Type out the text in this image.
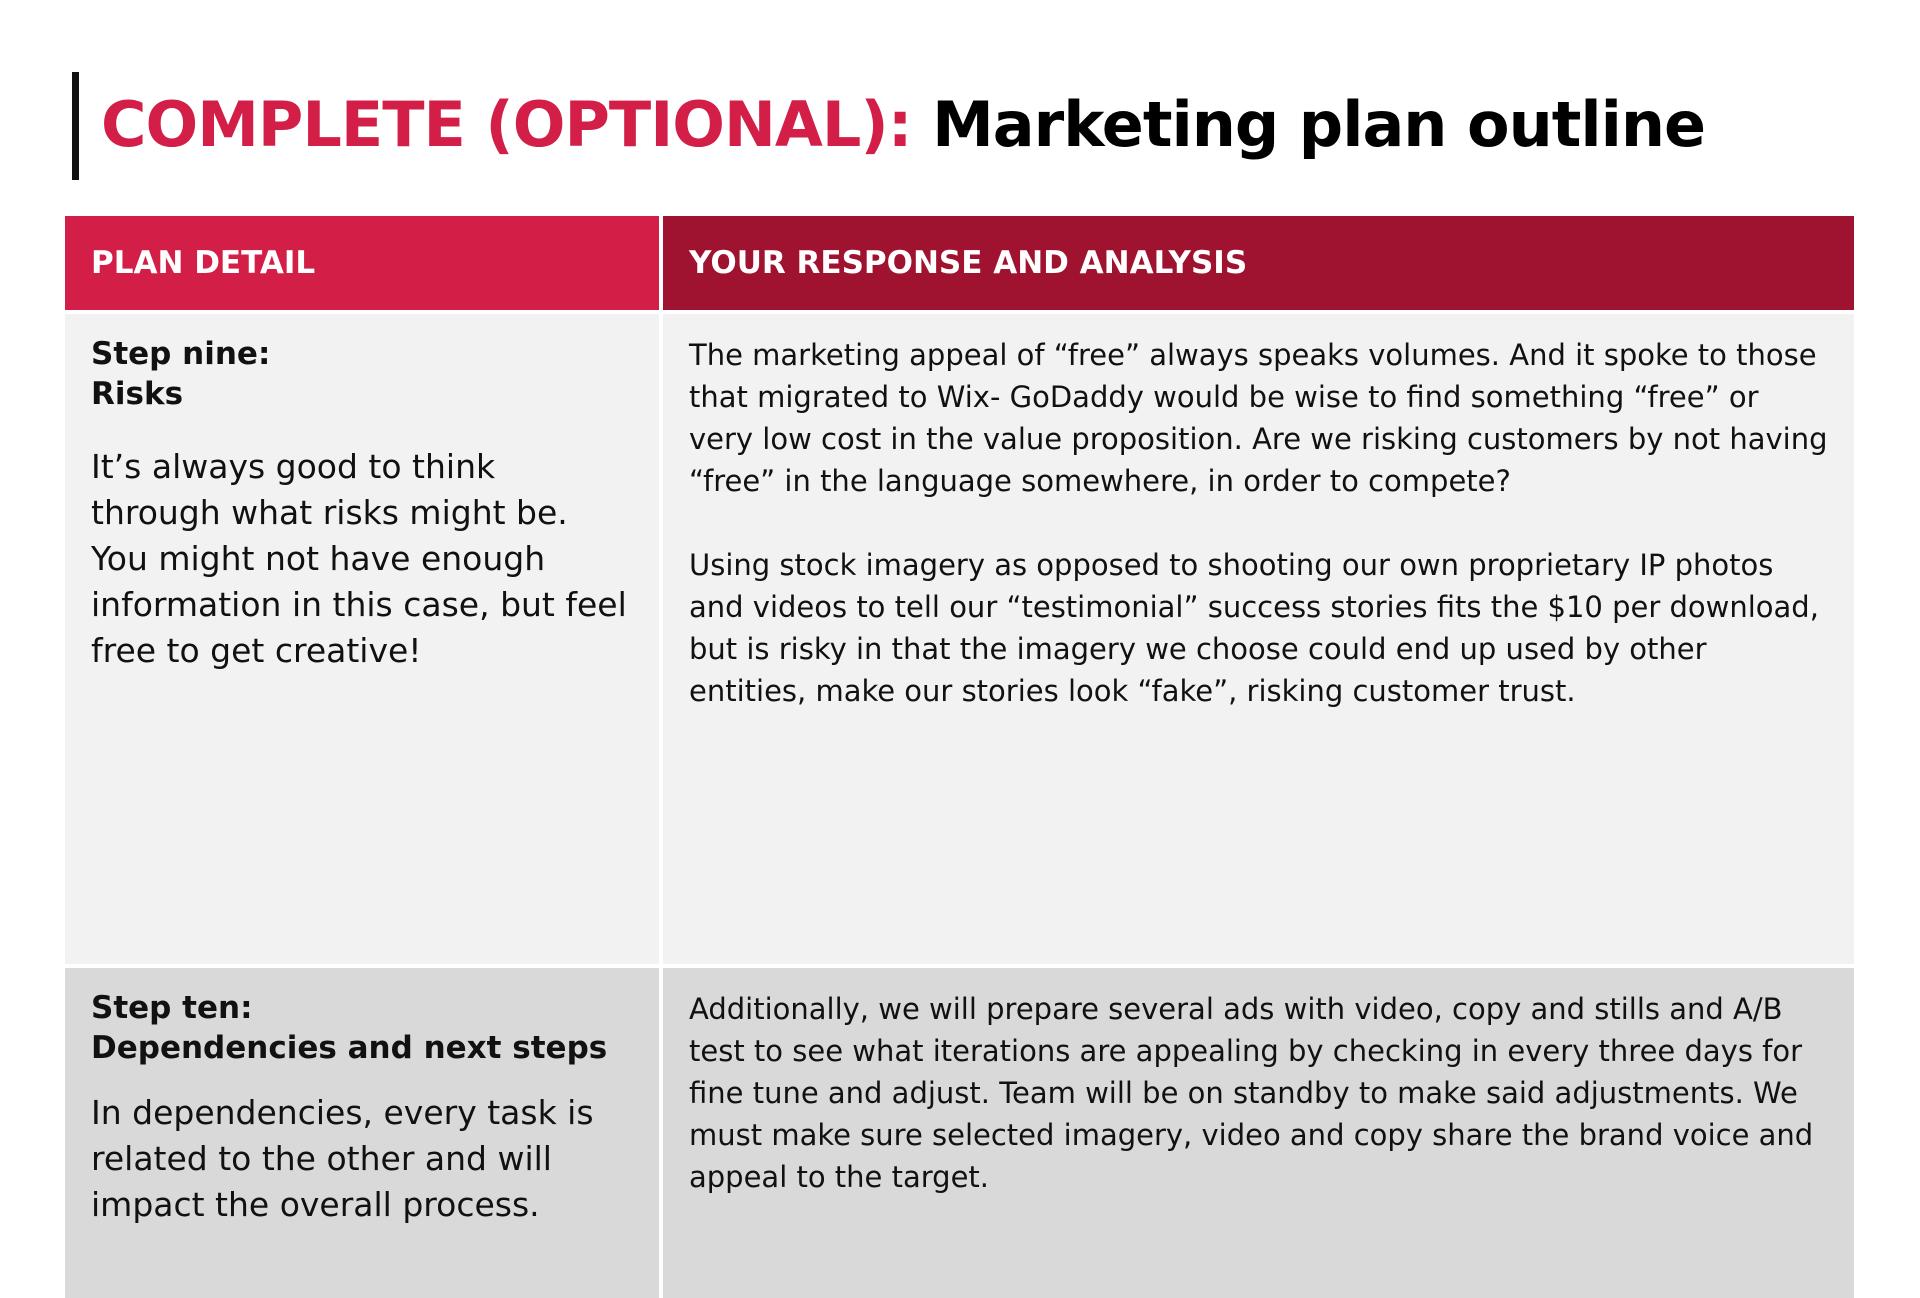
COMPLETE (OPTIONAL): Marketing plan outline
PLAN DETAIL	YOUR RESPONSE AND ANALYSIS

Step nine:

Risks

It’s always good to think through what risks might be. You might not have enough information in this case, but feel free to get creative!

The marketing appeal of “free” always speaks volumes. And it spoke to those that migrated to Wix- GoDaddy would be wise to find something “free” or very low cost in the value proposition. Are we risking customers by not having “free” in the language somewhere, in order to compete?

Using stock imagery as opposed to shooting our own proprietary IP photos and videos to tell our “testimonial” success stories fits the $10 per download, but is risky in that the imagery we choose could end up used by other entities, make our stories look “fake”, risking customer trust.

Step ten:

Dependencies and next steps

In dependencies, every task is related to the other and will impact the overall process.

Additionally, we will prepare several ads with video, copy and stills and A/B test to see what iterations are appealing by checking in every three days for fine tune and adjust. Team will be on standby to make said adjustments. We must make sure selected imagery, video and copy share the brand voice and appeal to the target.
